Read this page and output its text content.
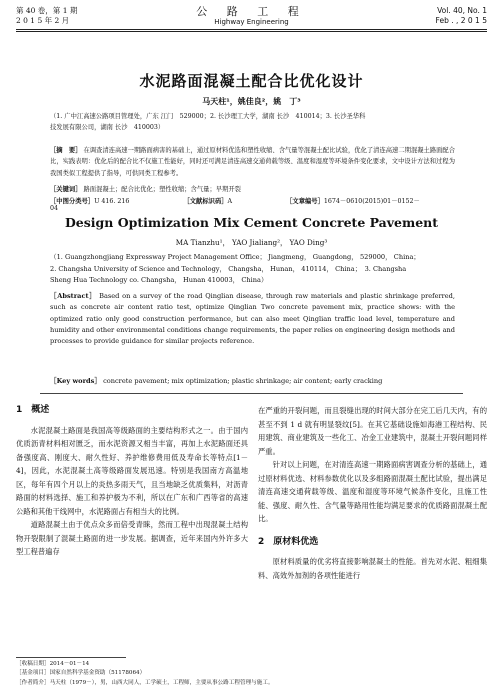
第 40 卷，第 1 期
2 0 1 5 年 2 月
公 路 工 程
Highway Engineering
Vol. 40, No. 1
Feb . , 2 0 1 5
水泥路面混凝土配合比优化设计
马天柱¹，姚佳良²，姚　丁³
（1. 广中江高速公路项目管理处，广东 江门　529000；2. 长沙理工大学，湖南 长沙　410014；3. 长沙圣华科
技发展有限公司，湖南 长沙　410003）
［摘　要］ 在调查清连高速一期路面病害的基础上，通过原材料优选和塑性收缩、含气量等混凝土配比试验，优化了清连高速二期混凝土路面配合比，实践表明：优化后的配合比不仅施工性能好，同时还可满足清连高速交通荷载等级、温度和湿度等环境条件变化要求，文中设计方法和过程为我国类似工程提供了指导，可供同类工程参考。
［关键词］ 路面混凝土；配合比优化；塑性收缩；含气量；早期开裂
［中图分类号］U 416. 216	［文献标识码］A	［文章编号］1674－0610(2015)01－0152－04
Design Optimization Mix Cement Concrete Pavement
MA Tianzhu¹， YAO Jialiang²， YAO Ding³
（1. Guangzhongjiang Expressway Project Management Office； Jiangmeng， Guangdong， 529000， China；
2. Changsha University of Science and Technology， Changsha， Hunan， 410114， China；　3. Changsha
Sheng Hua Technology co. Changsha， Hunan 410003， China）
［Abstract］ Based on a survey of the road Qinglian disease, through raw materials and plastic shrinkage preferred, such as concrete air content ratio test, optimize Qinglian Two concrete pavement mix, practice shows: with the optimized ratio only good construction performance, but can also meet Qinglian traffic load level, temperature and humidity and other environmental conditions change requirements, the paper relies on engineering design methods and processes to provide guidance for similar projects reference.
［Key words］ concrete pavement; mix optimization; plastic shrinkage; air content; early cracking
1　概述

水泥混凝土路面是我国高等级路面的主要结构形式之一。由于国内优质沥青材料相对匮乏，而水泥资源又相当丰富，再加上水泥路面还具备强度高、刚度大、耐久性好、养护维修费用低及寿命长等特点[1－4]，因此，水泥混凝土高等级路面发展迅速。特别是我国南方高温地区，每年有四个月以上的炎热多雨天气，且当地缺乏优质集料，对沥青路面的材料选择、施工和养护极为不利，所以在广东和广西等省的高速公路和其他干线网中，水泥路面占有相当大的比例。

道路混凝土由于优点众多而倍受青睐，然而工程中出现混凝土结构物开裂限制了混凝土路面的进一步发展。据调查，近年来国内外许多大型工程普遍存

在严重的开裂问题，而且裂缝出现的时间大部分在完工后几天内，有的甚至不到 1 d 就有明显裂纹[5]。在其它基础设施如海港工程结构、民用建筑、商业建筑及一些化工、冶金工业建筑中，混凝土开裂问题同样严重。

针对以上问题，在对清连高速一期路面病害调查分析的基础上，通过原材料优选、材料参数优化以及多组路面混凝土配比试验，提出满足清连高速交通荷载等级、温度和湿度等环境气候条件变化，且施工性能、强度、耐久性、含气量等路用性能均满足要求的优质路面混凝土配比。

2　原材料优选

原材料质量的优劣将直接影响混凝土的性能。首先对水泥、粗细集料、高效外加剂的各项性能进行

［收稿日期］2014－01－14
［基金项目］国家自然科学基金资助（51178064）
［作者简介］马天柱（1979－），男，山西大同人，工学硕士，工程师，主要从事公路工程管理与施工。
